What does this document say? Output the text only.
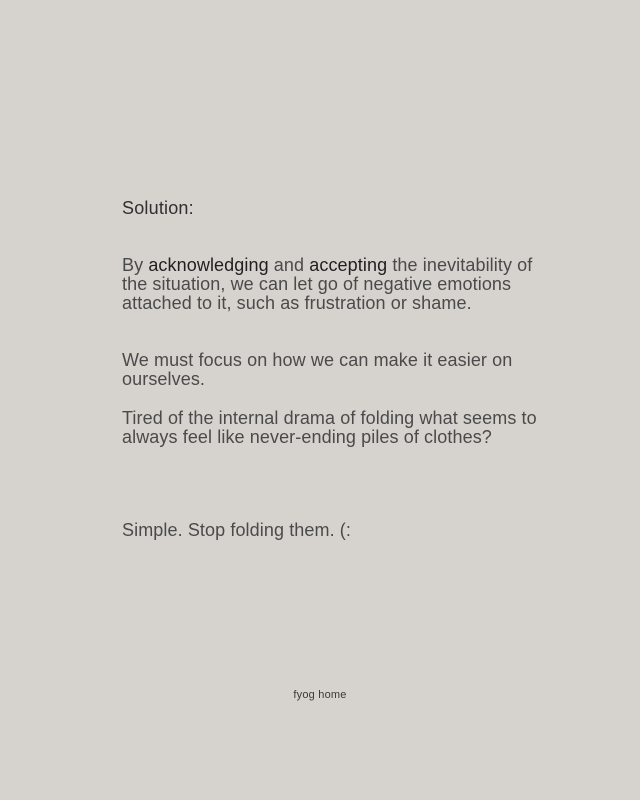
Solution:
By acknowledging and accepting the inevitability of the situation, we can let go of negative emotions attached to it, such as frustration or shame.
We must focus on how we can make it easier on ourselves.
Tired of the internal drama of folding what seems to always feel like never-ending piles of clothes?
Simple. Stop folding them. (:
fyog home
